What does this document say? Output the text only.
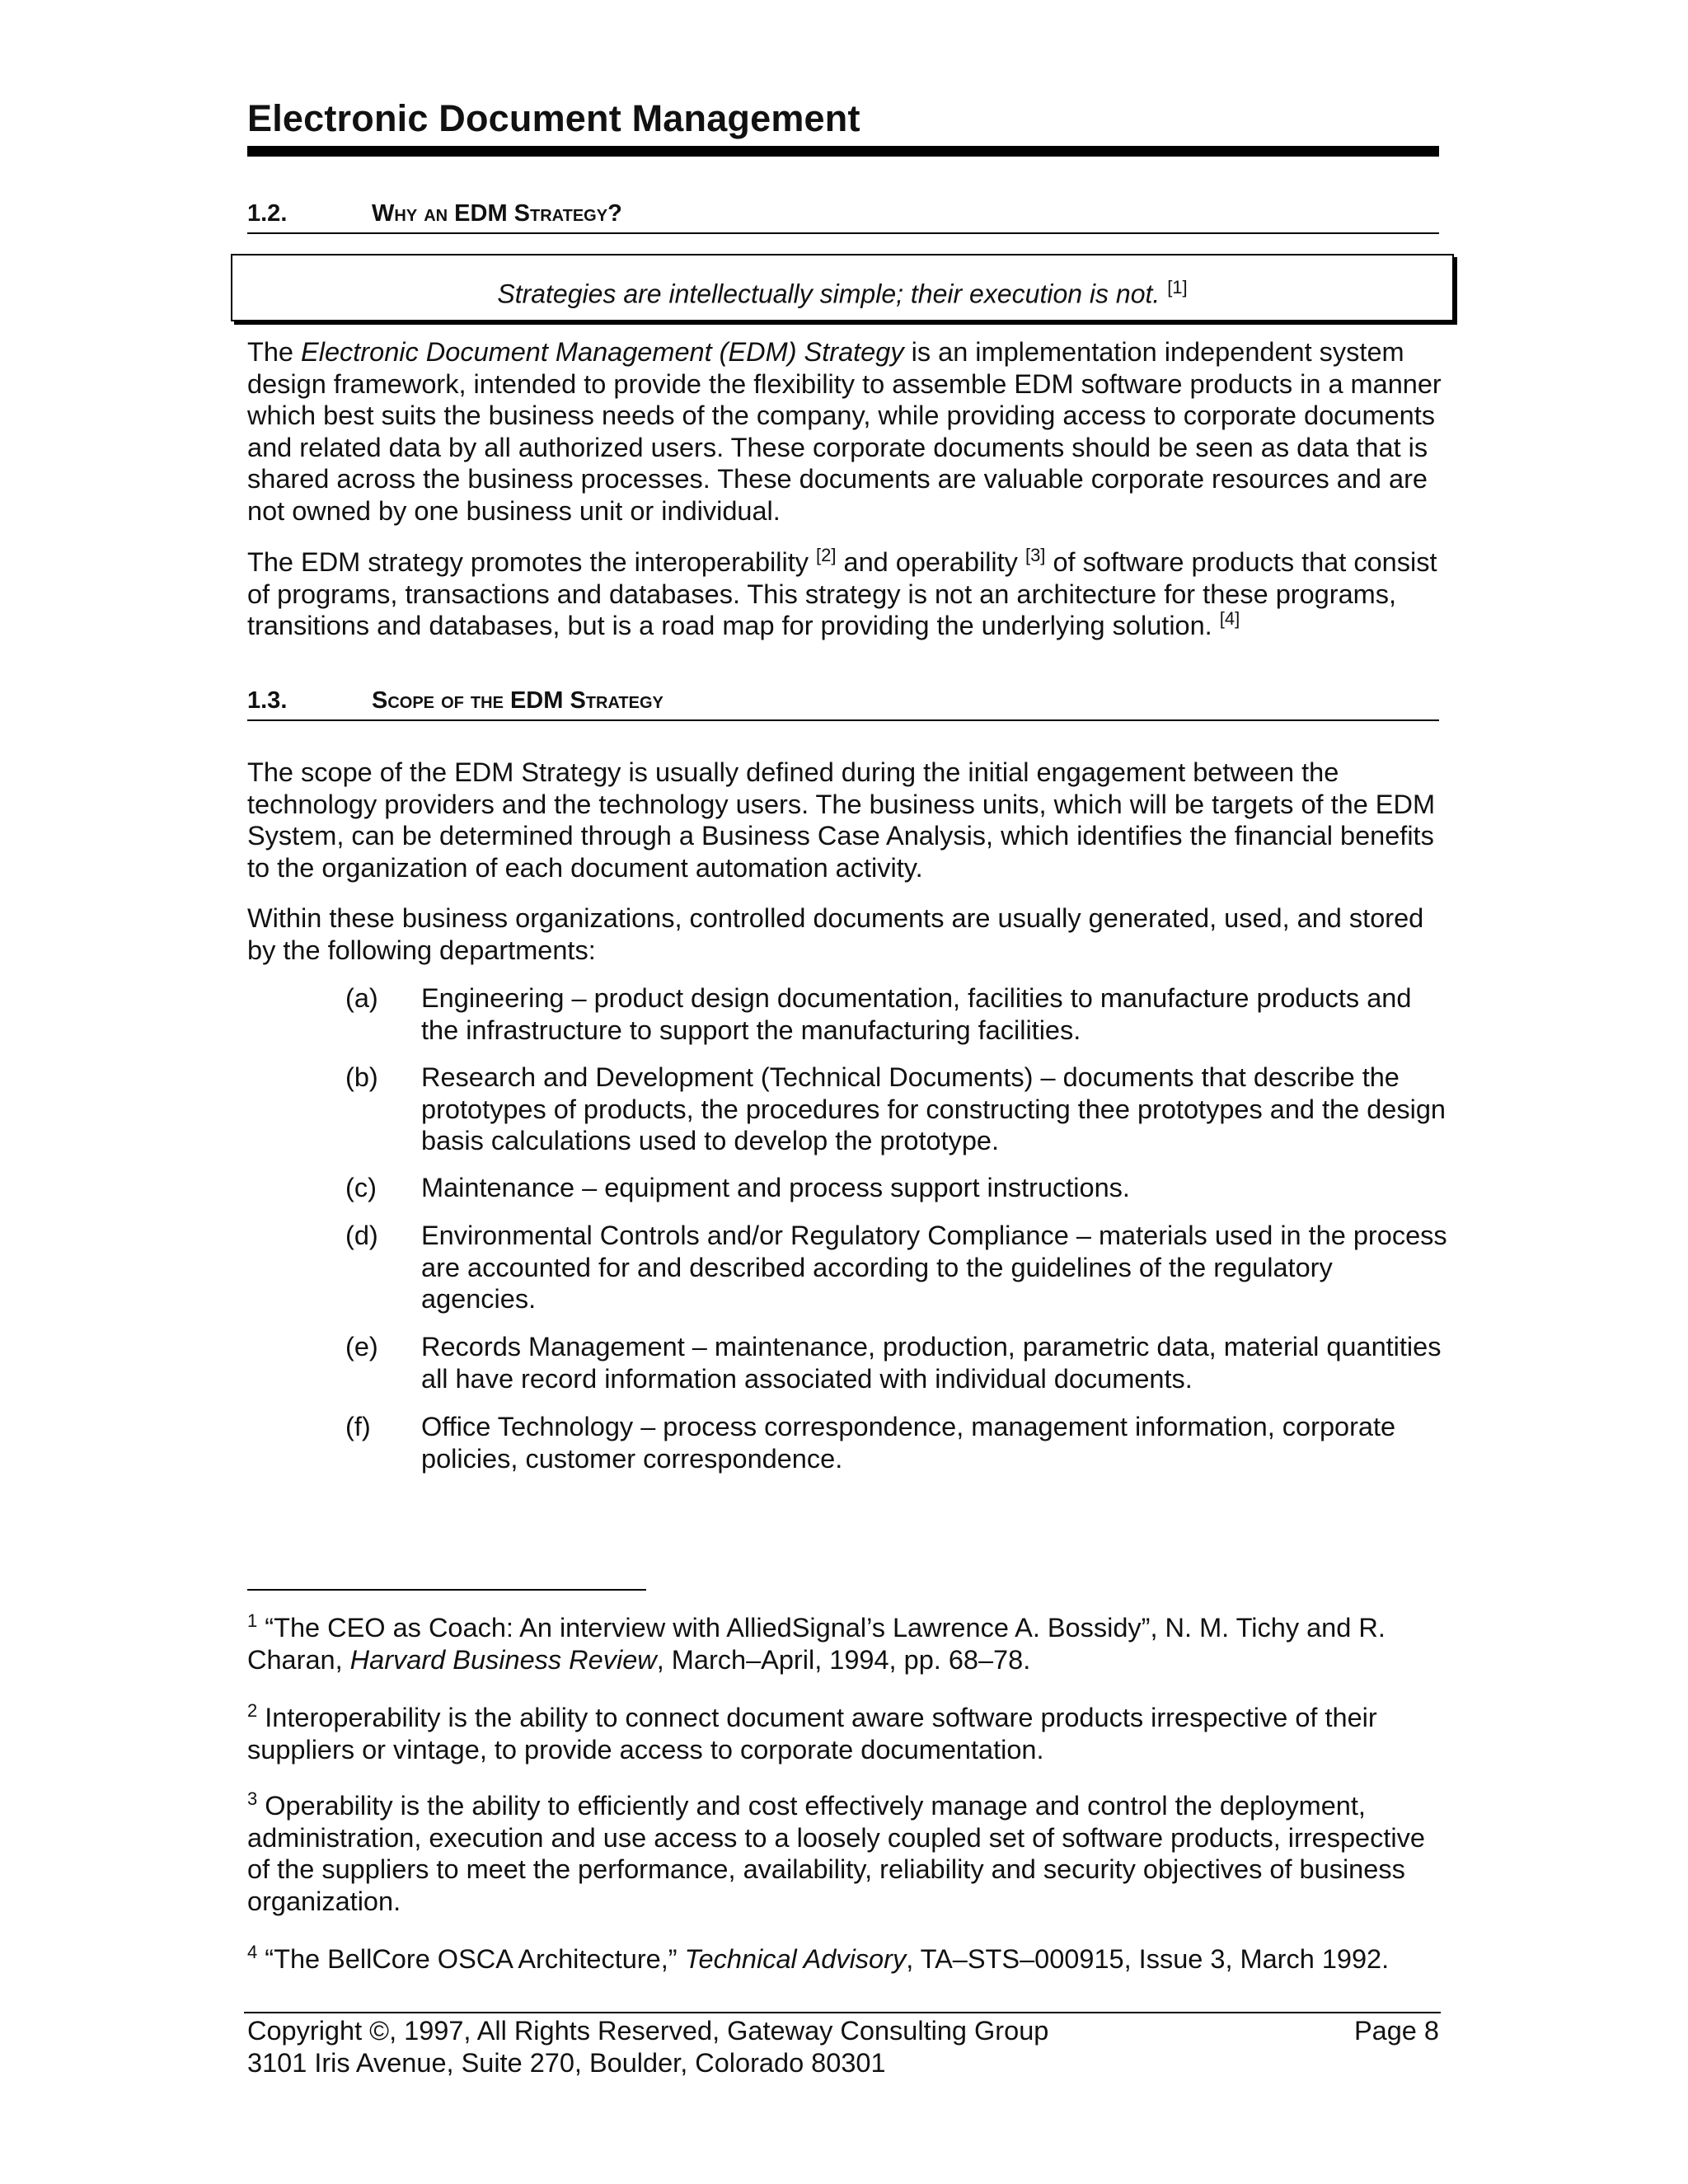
Electronic Document Management
1.2.	Why an EDM Strategy?
Strategies are intellectually simple; their execution is not. [1]
The Electronic Document Management (EDM) Strategy is an implementation independent system design framework, intended to provide the flexibility to assemble EDM software products in a manner which best suits the business needs of the company, while providing access to corporate documents and related data by all authorized users. These corporate documents should be seen as data that is shared across the business processes. These documents are valuable corporate resources and are not owned by one business unit or individual.
The EDM strategy promotes the interoperability [2] and operability [3] of software products that consist of programs, transactions and databases. This strategy is not an architecture for these programs, transitions and databases, but is a road map for providing the underlying solution. [4]
1.3.	Scope of the EDM Strategy
The scope of the EDM Strategy is usually defined during the initial engagement between the technology providers and the technology users. The business units, which will be targets of the EDM System, can be determined through a Business Case Analysis, which identifies the financial benefits to the organization of each document automation activity.
Within these business organizations, controlled documents are usually generated, used, and stored by the following departments:
(a) Engineering – product design documentation, facilities to manufacture products and the infrastructure to support the manufacturing facilities.
(b) Research and Development (Technical Documents) – documents that describe the prototypes of products, the procedures for constructing thee prototypes and the design basis calculations used to develop the prototype.
(c) Maintenance – equipment and process support instructions.
(d) Environmental Controls and/or Regulatory Compliance – materials used in the process are accounted for and described according to the guidelines of the regulatory agencies.
(e) Records Management – maintenance, production, parametric data, material quantities all have record information associated with individual documents.
(f) Office Technology – process correspondence, management information, corporate policies, customer correspondence.
$^1$ “The CEO as Coach: An interview with AlliedSignal’s Lawrence A. Bossidy”, N. M. Tichy and R. Charan, Harvard Business Review, March–April, 1994, pp. 68–78.
$^2$ Interoperability is the ability to connect document aware software products irrespective of their suppliers or vintage, to provide access to corporate documentation.
$^3$ Operability is the ability to efficiently and cost effectively manage and control the deployment, administration, execution and use access to a loosely coupled set of software products, irrespective of the suppliers to meet the performance, availability, reliability and security objectives of business organization.
$^4$ “The BellCore OSCA Architecture,” Technical Advisory, TA–STS–000915, Issue 3, March 1992.
Copyright ©, 1997, All Rights Reserved, Gateway Consulting Group
3101 Iris Avenue, Suite 270, Boulder, Colorado 80301
Page 8
